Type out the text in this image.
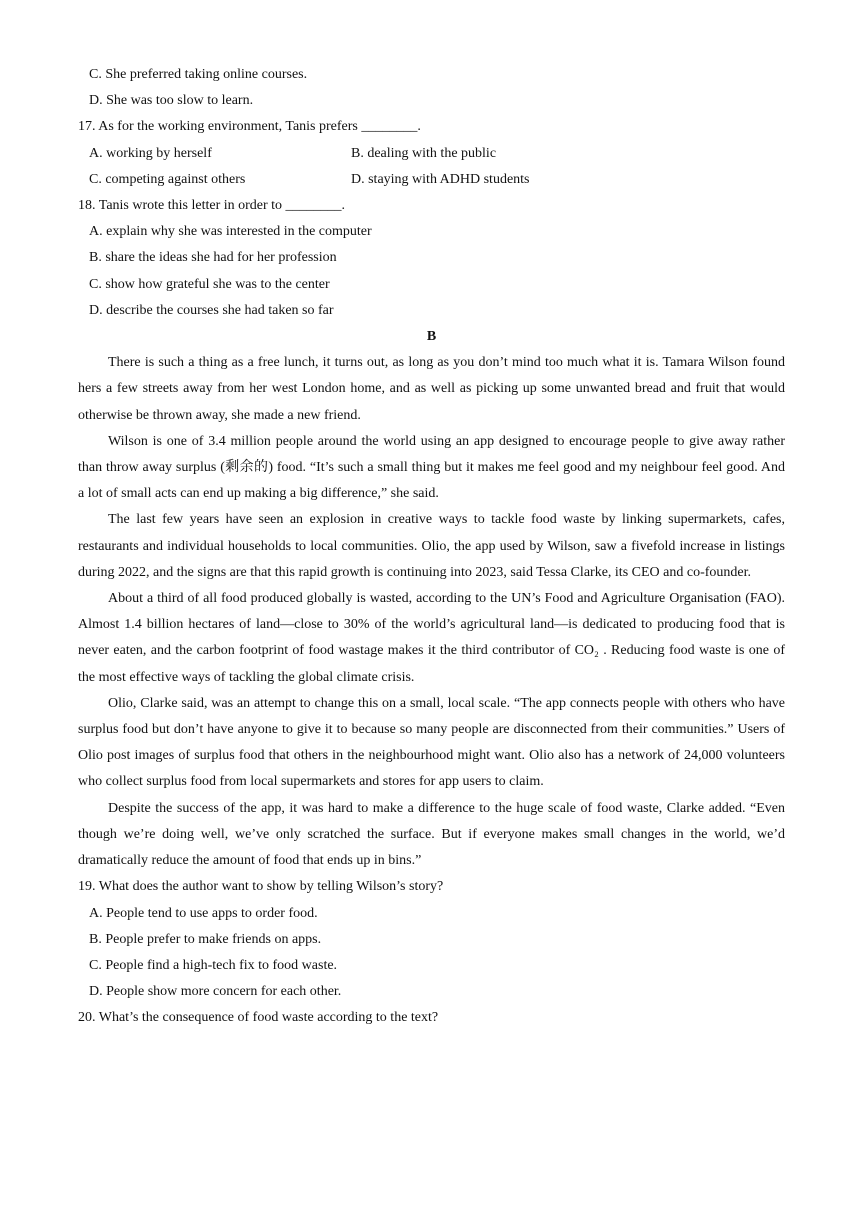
C. She preferred taking online courses.
D. She was too slow to learn.
17. As for the working environment, Tanis prefers ________.
A. working by herself	B. dealing with the public
C. competing against others	D. staying with ADHD students
18. Tanis wrote this letter in order to ________.
A. explain why she was interested in the computer
B. share the ideas she had for her profession
C. show how grateful she was to the center
D. describe the courses she had taken so far
B

There is such a thing as a free lunch, it turns out, as long as you don’t mind too much what it is. Tamara Wilson found hers a few streets away from her west London home, and as well as picking up some unwanted bread and fruit that would otherwise be thrown away, she made a new friend.

Wilson is one of 3.4 million people around the world using an app designed to encourage people to give away rather than throw away surplus (剩余的) food. “It’s such a small thing but it makes me feel good and my neighbour feel good. And a lot of small acts can end up making a big difference,” she said.

The last few years have seen an explosion in creative ways to tackle food waste by linking supermarkets, cafes, restaurants and individual households to local communities. Olio, the app used by Wilson, saw a fivefold increase in listings during 2022, and the signs are that this rapid growth is continuing into 2023, said Tessa Clarke, its CEO and co-founder.

About a third of all food produced globally is wasted, according to the UN’s Food and Agriculture Organisation (FAO). Almost 1.4 billion hectares of land—close to 30% of the world’s agricultural land—is dedicated to producing food that is never eaten, and the carbon footprint of food wastage makes it the third contributor of CO₂ . Reducing food waste is one of the most effective ways of tackling the global climate crisis.

Olio, Clarke said, was an attempt to change this on a small, local scale. “The app connects people with others who have surplus food but don’t have anyone to give it to because so many people are disconnected from their communities.” Users of Olio post images of surplus food that others in the neighbourhood might want. Olio also has a network of 24,000 volunteers who collect surplus food from local supermarkets and stores for app users to claim.

Despite the success of the app, it was hard to make a difference to the huge scale of food waste, Clarke added. “Even though we’re doing well, we’ve only scratched the surface. But if everyone makes small changes in the world, we’d dramatically reduce the amount of food that ends up in bins.”

19. What does the author want to show by telling Wilson’s story?
A. People tend to use apps to order food.
B. People prefer to make friends on apps.
C. People find a high-tech fix to food waste.
D. People show more concern for each other.
20. What’s the consequence of food waste according to the text?
